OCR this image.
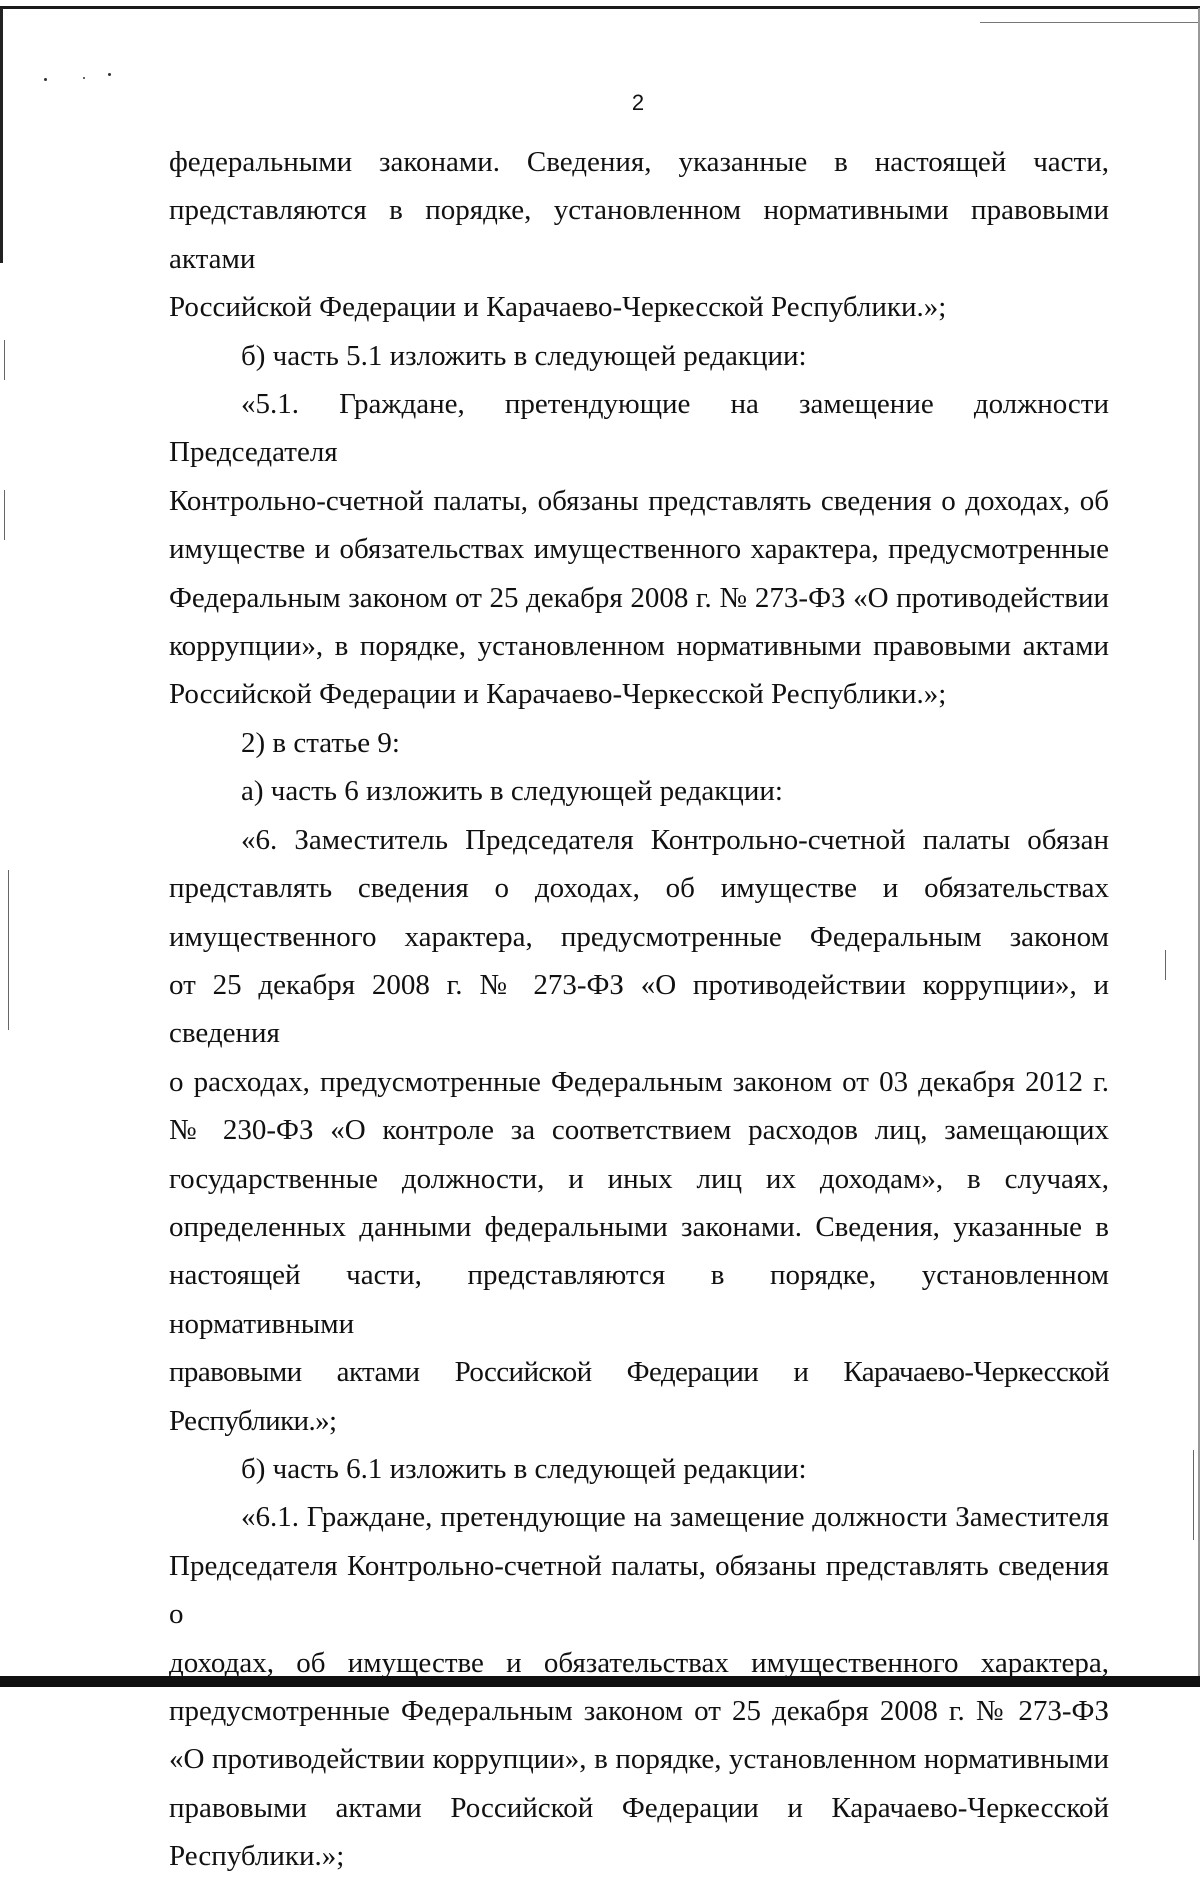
2

федеральными законами. Сведения, указанные в настоящей части,

представляются в порядке, установленном нормативными правовыми актами

Российской Федерации и Карачаево-Черкесской Республики.»;

б) часть 5.1 изложить в следующей редакции:

«5.1. Граждане, претендующие на замещение должности Председателя

Контрольно-счетной палаты, обязаны представлять сведения о доходах, об

имуществе и обязательствах имущественного характера, предусмотренные

Федеральным законом от 25 декабря 2008 г. № 273-ФЗ «О противодействии

коррупции», в порядке, установленном нормативными правовыми актами

Российской Федерации и Карачаево-Черкесской Республики.»;

2) в статье 9:

а) часть 6 изложить в следующей редакции:

«6. Заместитель Председателя Контрольно-счетной палаты обязан

представлять сведения о доходах, об имуществе и обязательствах

имущественного характера, предусмотренные Федеральным законом

от 25 декабря 2008 г. № 273-ФЗ «О противодействии коррупции», и сведения

о расходах, предусмотренные Федеральным законом от 03 декабря 2012 г.

№ 230-ФЗ «О контроле за соответствием расходов лиц, замещающих

государственные должности, и иных лиц их доходам», в случаях,

определенных данными федеральными законами. Сведения, указанные в

настоящей части, представляются в порядке, установленном нормативными

правовыми актами Российской Федерации и Карачаево-Черкесской Республики.»;

б) часть 6.1 изложить в следующей редакции:

«6.1. Граждане, претендующие на замещение должности Заместителя

Председателя Контрольно-счетной палаты, обязаны представлять сведения о

доходах, об имуществе и обязательствах имущественного характера,

предусмотренные Федеральным законом от 25 декабря 2008 г. № 273-ФЗ

«О противодействии коррупции», в порядке, установленном нормативными

правовыми актами Российской Федерации и Карачаево-Черкесской

Республики.»;
